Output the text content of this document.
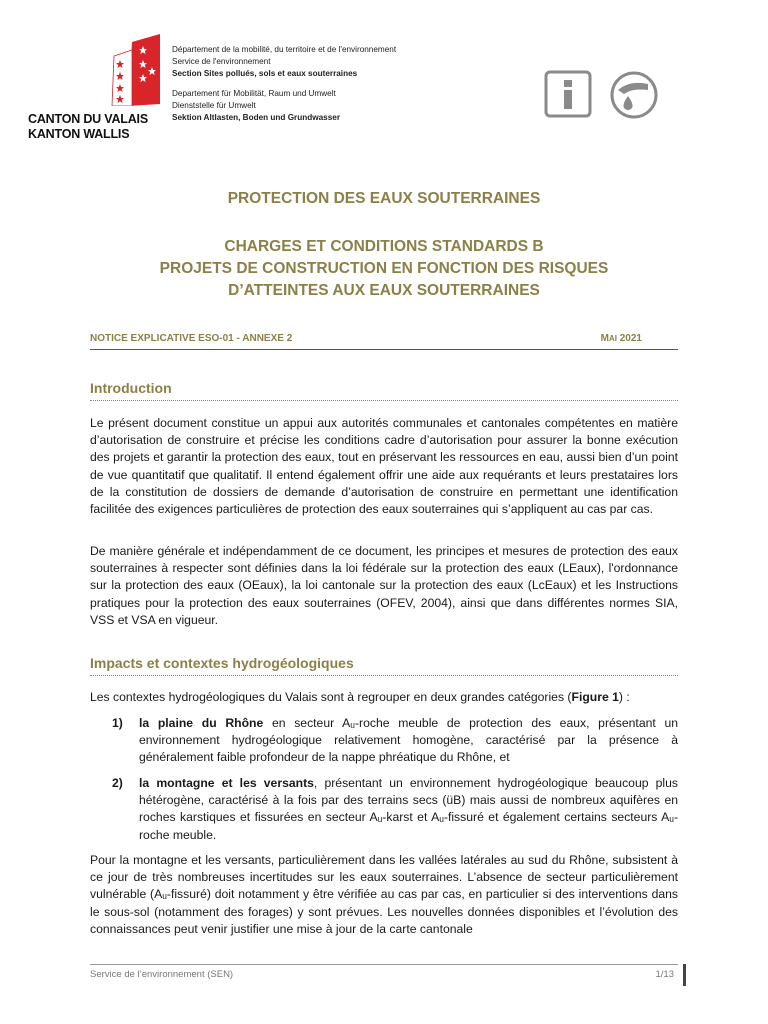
CANTON DU VALAIS
KANTON WALLIS
Département de la mobilité, du territoire et de l'environnement
Service de l'environnement
Section Sites pollués, sols et eaux souterraines
Departement für Mobilität, Raum und Umwelt
Dienststelle für Umwelt
Sektion Altlasten, Boden und Grundwasser
PROTECTION DES EAUX SOUTERRAINES
CHARGES ET CONDITIONS STANDARDS B
PROJETS DE CONSTRUCTION EN FONCTION DES RISQUES
D’ATTEINTES AUX EAUX SOUTERRAINES
NOTICE EXPLICATIVE ESO-01 - ANNEXE 2	MAI 2021
Introduction

Le présent document constitue un appui aux autorités communales et cantonales compétentes en matière d’autorisation de construire et précise les conditions cadre d’autorisation pour assurer la bonne exécution des projets et garantir la protection des eaux, tout en préservant les ressources en eau, aussi bien d’un point de vue quantitatif que qualitatif. Il entend également offrir une aide aux requérants et leurs prestataires lors de la constitution de dossiers de demande d’autorisation de construire en permettant une identification facilitée des exigences particulières de protection des eaux souterraines qui s’appliquent au cas par cas.

De manière générale et indépendamment de ce document, les principes et mesures de protection des eaux souterraines à respecter sont définies dans la loi fédérale sur la protection des eaux (LEaux), l'ordonnance sur la protection des eaux (OEaux), la loi cantonale sur la protection des eaux (LcEaux) et les Instructions pratiques pour la protection des eaux souterraines (OFEV, 2004), ainsi que dans différentes normes SIA, VSS et VSA en vigueur.

Impacts et contextes hydrogéologiques

Les contextes hydrogéologiques du Valais sont à regrouper en deux grandes catégories (Figure 1) :

1) la plaine du Rhône en secteur Aᵤ-roche meuble de protection des eaux, présentant un environnement hydrogéologique relativement homogène, caractérisé par la présence à généralement faible profondeur de la nappe phréatique du Rhône, et
2) la montagne et les versants, présentant un environnement hydrogéologique beaucoup plus hétérogène, caractérisé à la fois par des terrains secs (üB) mais aussi de nombreux aquifères en roches karstiques et fissurées en secteur Aᵤ-karst et Aᵤ-fissuré et également certains secteurs Aᵤ-roche meuble.

Pour la montagne et les versants, particulièrement dans les vallées latérales au sud du Rhône, subsistent à ce jour de très nombreuses incertitudes sur les eaux souterraines. L’absence de secteur particulièrement vulnérable (Aᵤ-fissuré) doit notamment y être vérifiée au cas par cas, en particulier si des interventions dans le sous-sol (notamment des forages) y sont prévues. Les nouvelles données disponibles et l’évolution des connaissances peut venir justifier une mise à jour de la carte cantonale

Service de l’environnement (SEN)	1/13
